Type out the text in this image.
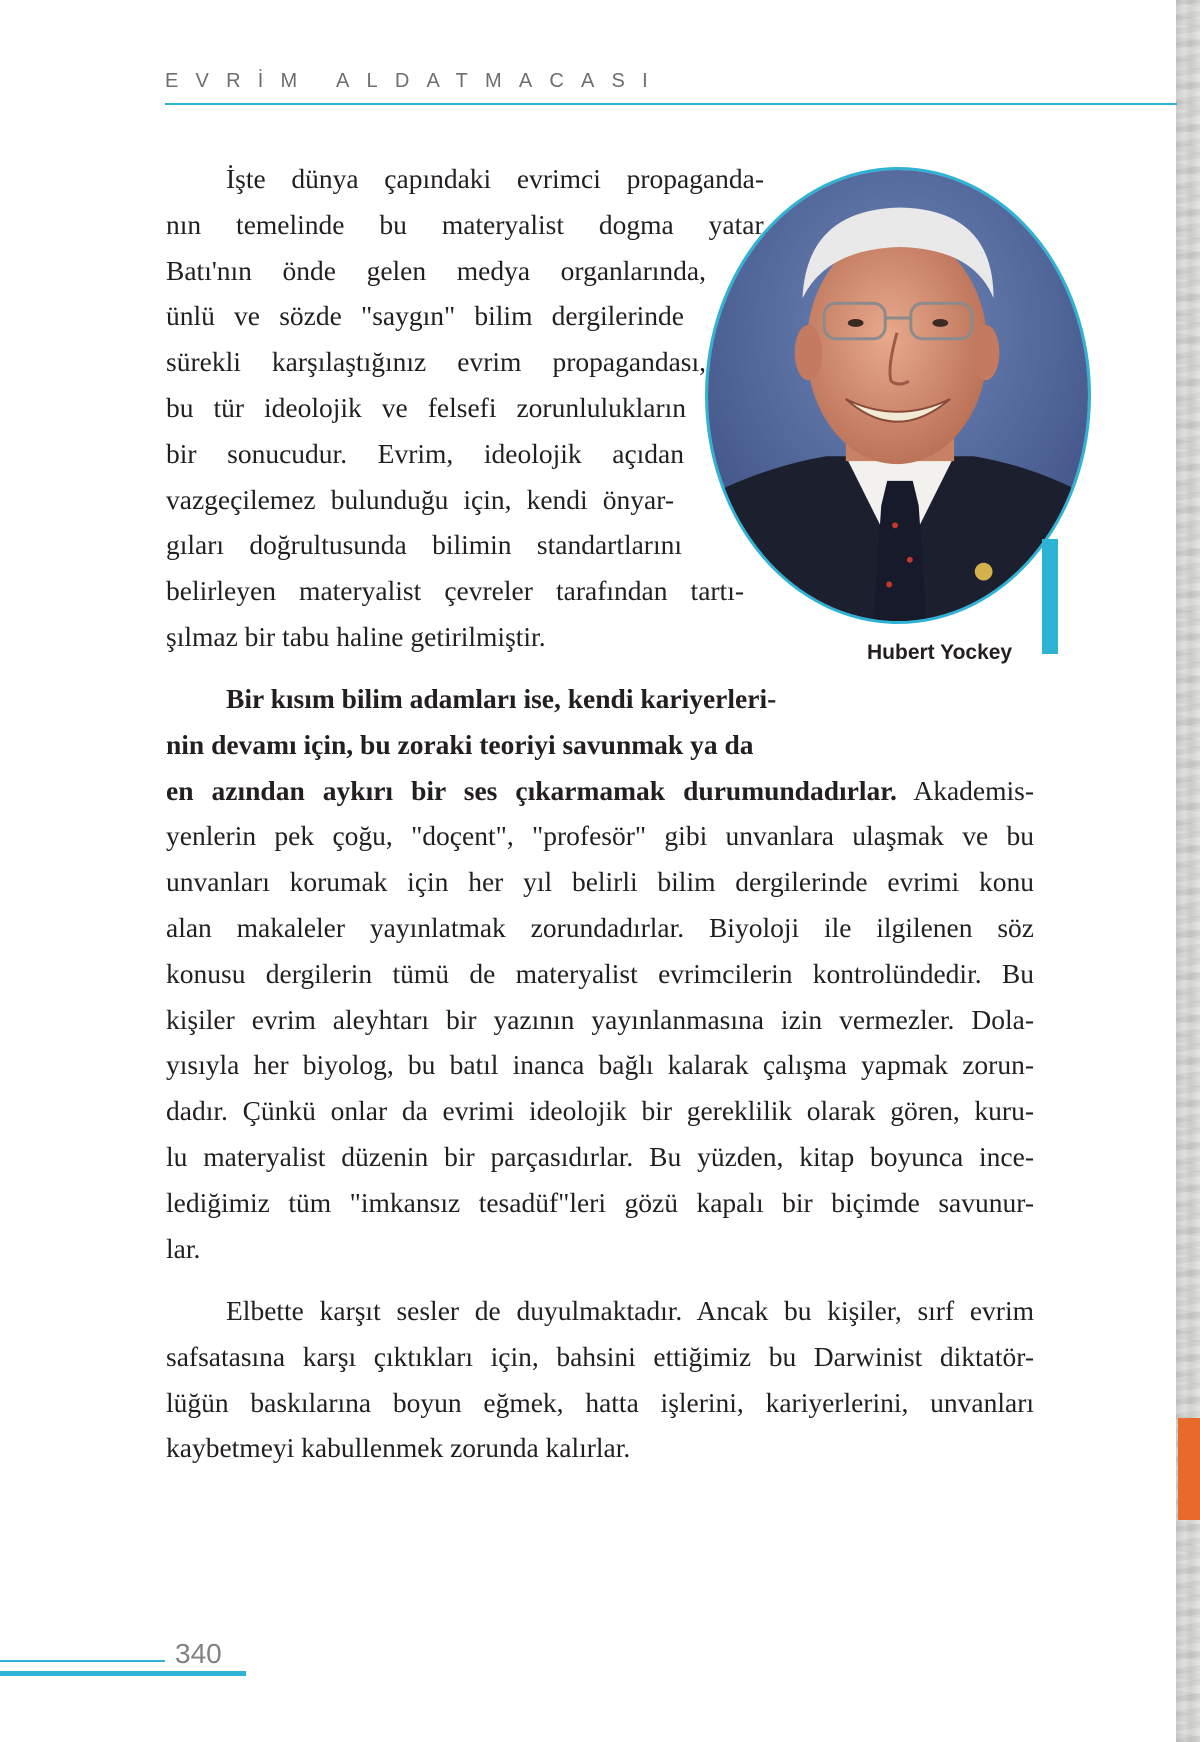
EVRİM ALDATMACASI
İşte dünya çapındaki evrimci propaganda-
nın temelinde bu materyalist dogma yatar.
Batı'nın önde gelen medya organlarında,
ünlü ve sözde "saygın" bilim dergilerinde
sürekli karşılaştığınız evrim propagandası,
bu tür ideolojik ve felsefi zorunlulukların
bir sonucudur. Evrim, ideolojik açıdan
vazgeçilemez bulunduğu için, kendi önyar-
gıları doğrultusunda bilimin standartlarını
belirleyen materyalist çevreler tarafından tartı-
şılmaz bir tabu haline getirilmiştir.
Hubert Yockey
Bir kısım bilim adamları ise, kendi kariyerleri-
nin devamı için, bu zoraki teoriyi savunmak ya da
en azından aykırı bir ses çıkarmamak durumundadırlar. Akademis-
yenlerin pek çoğu, "doçent", "profesör" gibi unvanlara ulaşmak ve bu
unvanları korumak için her yıl belirli bilim dergilerinde evrimi konu
alan makaleler yayınlatmak zorundadırlar. Biyoloji ile ilgilenen söz
konusu dergilerin tümü de materyalist evrimcilerin kontrolündedir. Bu
kişiler evrim aleyhtarı bir yazının yayınlanmasına izin vermezler. Dola-
yısıyla her biyolog, bu batıl inanca bağlı kalarak çalışma yapmak zorun-
dadır. Çünkü onlar da evrimi ideolojik bir gereklilik olarak gören, kuru-
lu materyalist düzenin bir parçasıdırlar. Bu yüzden, kitap boyunca ince-
lediğimiz tüm "imkansız tesadüf"leri gözü kapalı bir biçimde savunur-
lar.
Elbette karşıt sesler de duyulmaktadır. Ancak bu kişiler, sırf evrim
safsatasına karşı çıktıkları için, bahsini ettiğimiz bu Darwinist diktatör-
lüğün baskılarına boyun eğmek, hatta işlerini, kariyerlerini, unvanları
kaybetmeyi kabullenmek zorunda kalırlar.
340
